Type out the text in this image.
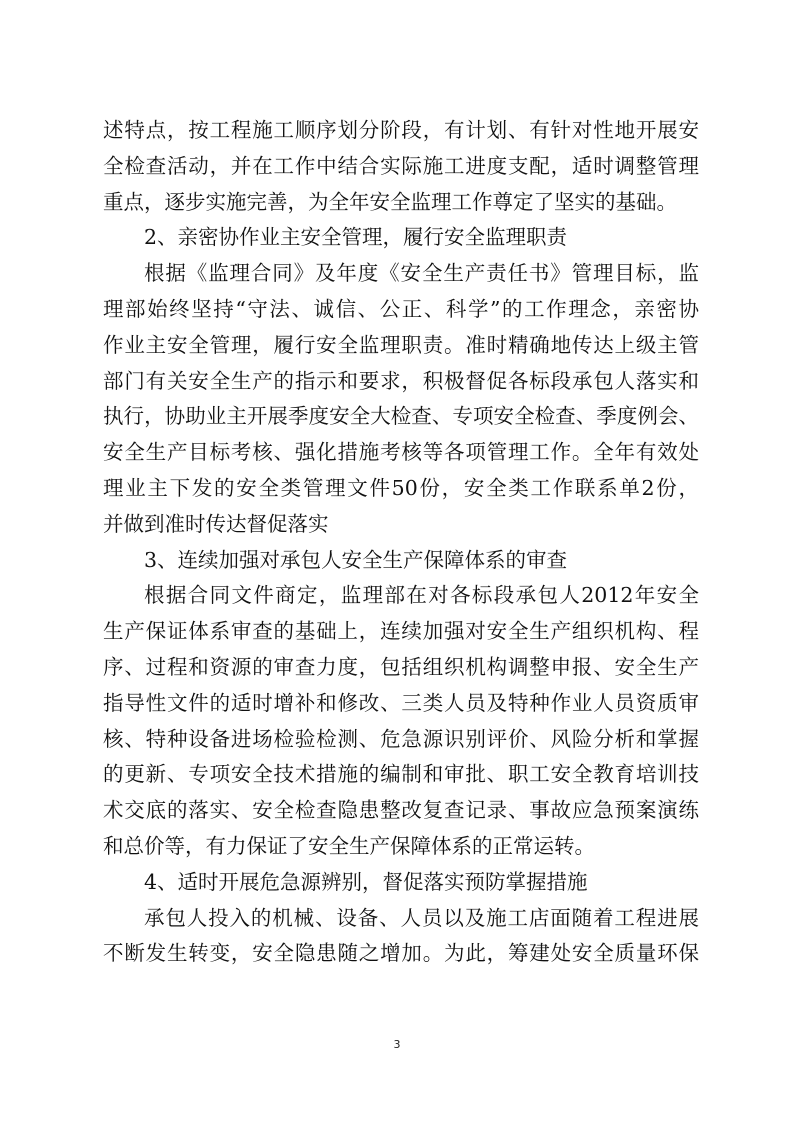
述特点，按工程施工顺序划分阶段，有计划、有针对性地开展安
全检查活动，并在工作中结合实际施工进度支配，适时调整管理
重点，逐步实施完善，为全年安全监理工作尊定了坚实的基础。
2、亲密协作业主安全管理，履行安全监理职责
根据《监理合同》及年度《安全生产责任书》管理目标，监
理部始终坚持“守法、诚信、公正、科学”的工作理念，亲密协
作业主安全管理，履行安全监理职责。准时精确地传达上级主管
部门有关安全生产的指示和要求，积极督促各标段承包人落实和
执行，协助业主开展季度安全大检查、专项安全检查、季度例会、
安全生产目标考核、强化措施考核等各项管理工作。全年有效处
理业主下发的安全类管理文件50份，安全类工作联系单2份，
并做到准时传达督促落实
3、连续加强对承包人安全生产保障体系的审查
根据合同文件商定，监理部在对各标段承包人2012年安全
生产保证体系审查的基础上，连续加强对安全生产组织机构、程
序、过程和资源的审查力度，包括组织机构调整申报、安全生产
指导性文件的适时增补和修改、三类人员及特种作业人员资质审
核、特种设备进场检验检测、危急源识别评价、风险分析和掌握
的更新、专项安全技术措施的编制和审批、职工安全教育培训技
术交底的落实、安全检查隐患整改复查记录、事故应急预案演练
和总价等，有力保证了安全生产保障体系的正常运转。
4、适时开展危急源辨别，督促落实预防掌握措施
承包人投入的机械、设备、人员以及施工店面随着工程进展
不断发生转变，安全隐患随之增加。为此，筹建处安全质量环保
3
